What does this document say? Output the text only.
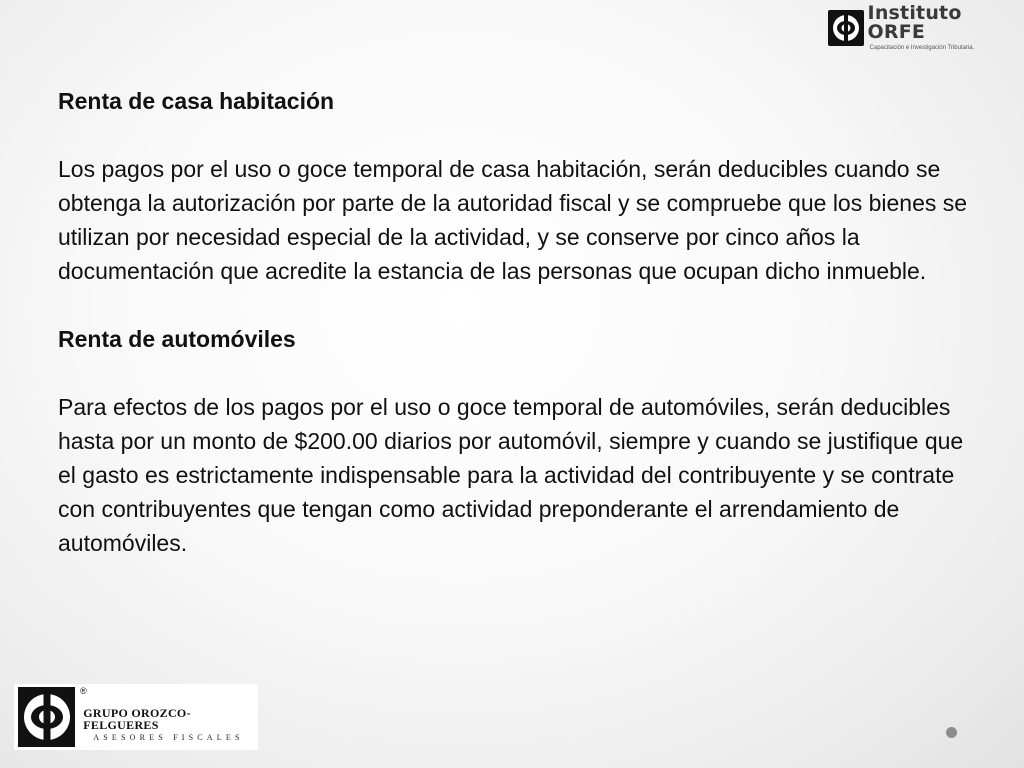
Instituto ORFE
Capacitación e Investigación Tributaria.

Renta de casa habitación

Los pagos por el uso o goce temporal de casa habitación, serán deducibles cuando se obtenga la autorización por parte de la autoridad fiscal y se compruebe que los bienes se utilizan por necesidad especial de la actividad, y se conserve por cinco años la documentación que acredite la estancia de las personas que ocupan dicho inmueble.

Renta de automóviles

Para efectos de los pagos por el uso o goce temporal de automóviles, serán deducibles hasta por un monto de $200.00 diarios por automóvil, siempre y cuando se justifique que el gasto es estrictamente indispensable para la actividad del contribuyente y se contrate con contribuyentes que tengan como actividad preponderante el arrendamiento de automóviles.

®
GRUPO OROZCO-FELGUERES
ASESORES FISCALES
